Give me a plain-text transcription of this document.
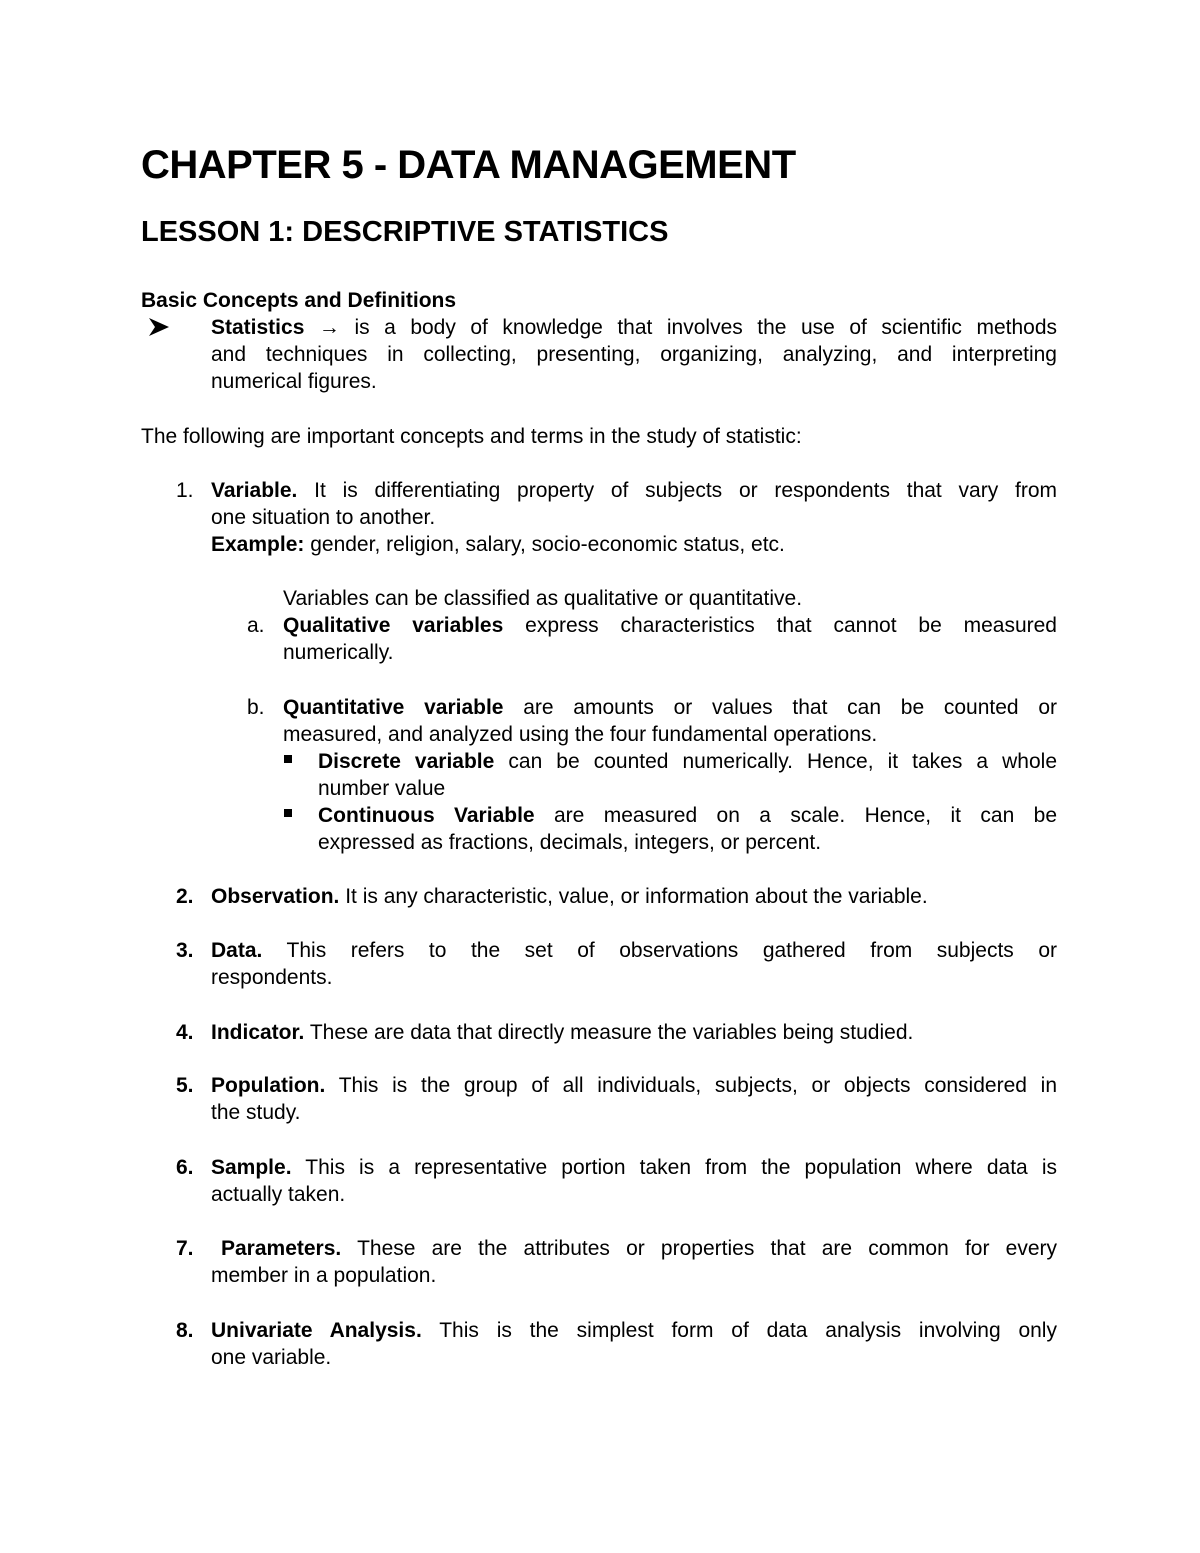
CHAPTER 5 - DATA MANAGEMENT
LESSON 1: DESCRIPTIVE STATISTICS
Basic Concepts and Definitions
Statistics → is a body of knowledge that involves the use of scientific methods
and techniques in collecting, presenting, organizing, analyzing, and interpreting
numerical figures.
The following are important concepts and terms in the study of statistic:
1. Variable. It is differentiating property of subjects or respondents that vary from
one situation to another.
Example: gender, religion, salary, socio-economic status, etc.
Variables can be classified as qualitative or quantitative.
a. Qualitative variables express characteristics that cannot be measured
numerically.
b. Quantitative variable are amounts or values that can be counted or
measured, and analyzed using the four fundamental operations.
Discrete variable can be counted numerically. Hence, it takes a whole
number value
Continuous Variable are measured on a scale. Hence, it can be
expressed as fractions, decimals, integers, or percent.
2. Observation. It is any characteristic, value, or information about the variable.
3. Data. This refers to the set of observations gathered from subjects or
respondents.
4. Indicator. These are data that directly measure the variables being studied.
5. Population. This is the group of all individuals, subjects, or objects considered in
the study.
6. Sample. This is a representative portion taken from the population where data is
actually taken.
7. Parameters. These are the attributes or properties that are common for every
member in a population.
8. Univariate Analysis. This is the simplest form of data analysis involving only
one variable.
